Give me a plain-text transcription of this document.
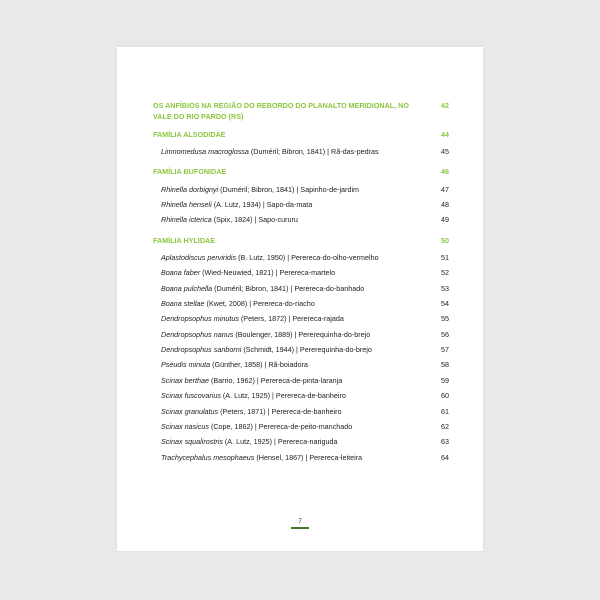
OS ANFÍBIOS NA REGIÃO DO REBORDO DO PLANALTO MERIDIONAL, NO VALE DO RIO PARDO (RS)
42
FAMÍLIA ALSODIDAE	44
Limnomedusa macroglossa (Duméril; Bibron, 1841) | Rã-das-pedras	45
FAMÍLIA BUFONIDAE	46
Rhinella dorbignyi (Duméril; Bibron, 1841) | Sapinho-de-jardim	47
Rhinella henseli (A. Lutz, 1934) | Sapo-da-mata	48
Rhinella icterica (Spix, 1824) | Sapo-cururu	49
FAMÍLIA HYLIDAE	50
Aplastodiscus perviridis (B. Lutz, 1950) | Perereca-do-olho-vermelho	51
Boana faber (Wied-Neuwied, 1821) | Perereca-martelo	52
Boana pulchella (Duméril; Bibron, 1841) | Perereca-do-banhado	53
Boana stellae (Kwet, 2008) | Perereca-do-riacho	54
Dendropsophus minutus (Peters, 1872) | Perereca-rajada	55
Dendropsophus nanus (Boulenger, 1889) | Pererequinha-do-brejo	56
Dendropsophus sanborni (Schmidt, 1944) | Pererequinha-do-brejo	57
Pseudis minuta (Günther, 1858) | Rã-boiadora	58
Scinax berthae (Barrio, 1962) | Perereca-de-pinta-laranja	59
Scinax fuscovarius (A. Lutz, 1925) | Perereca-de-banheiro	60
Scinax granulatus (Peters, 1871) | Perereca-de-banheiro	61
Scinax nasicus (Cope, 1862) | Perereca-de-peito-manchado	62
Scinax squalirostris (A. Lutz, 1925) | Perereca-nariguda	63
Trachycephalus mesophaeus (Hensel, 1867) | Perereca-leiteira	64
7
